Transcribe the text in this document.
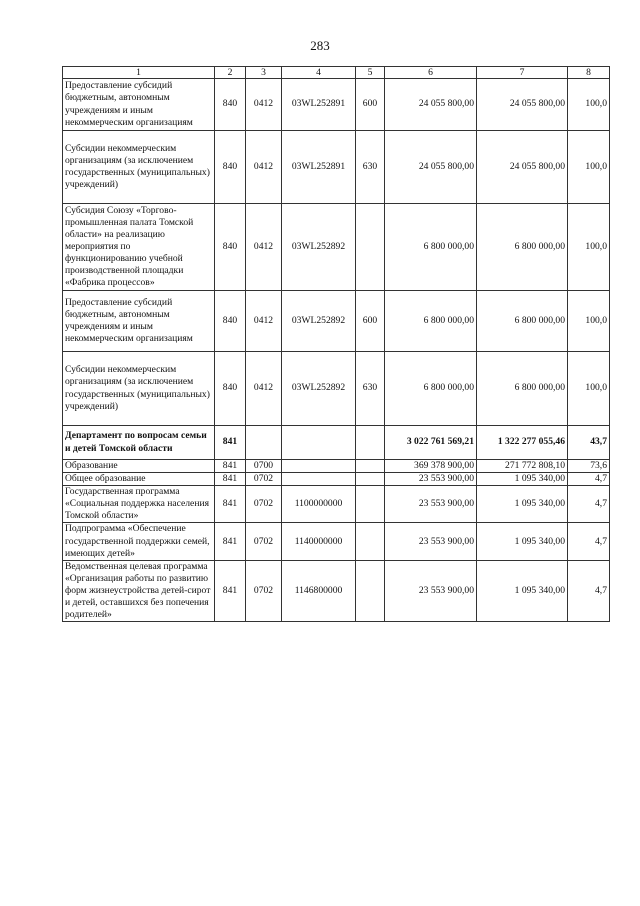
283
1	2	3	4	5	6	7	8
Предоставление субсидий бюджетным, автономным учреждениям и иным некоммерческим организациям	840	0412	03WL252891	600	24 055 800,00	24 055 800,00	100,0
Субсидии некоммерческим организациям (за исключением государственных (муниципальных) учреждений)	840	0412	03WL252891	630	24 055 800,00	24 055 800,00	100,0
Субсидия Союзу «Торгово-промышленная палата Томской области» на реализацию мероприятия по функционированию учебной производственной площадки «Фабрика процессов»	840	0412	03WL252892		6 800 000,00	6 800 000,00	100,0
Предоставление субсидий бюджетным, автономным учреждениям и иным некоммерческим организациям	840	0412	03WL252892	600	6 800 000,00	6 800 000,00	100,0
Субсидии некоммерческим организациям (за исключением государственных (муниципальных) учреждений)	840	0412	03WL252892	630	6 800 000,00	6 800 000,00	100,0
Департамент по вопросам семьи и детей Томской области	841				3 022 761 569,21	1 322 277 055,46	43,7
Образование	841	0700			369 378 900,00	271 772 808,10	73,6
Общее образование	841	0702			23 553 900,00	1 095 340,00	4,7
Государственная программа «Социальная поддержка населения Томской области»	841	0702	1100000000		23 553 900,00	1 095 340,00	4,7
Подпрограмма «Обеспечение государственной поддержки семей, имеющих детей»	841	0702	1140000000		23 553 900,00	1 095 340,00	4,7
Ведомственная целевая программа «Организация работы по развитию форм жизнеустройства детей-сирот и детей, оставшихся без попечения родителей»	841	0702	1146800000		23 553 900,00	1 095 340,00	4,7
